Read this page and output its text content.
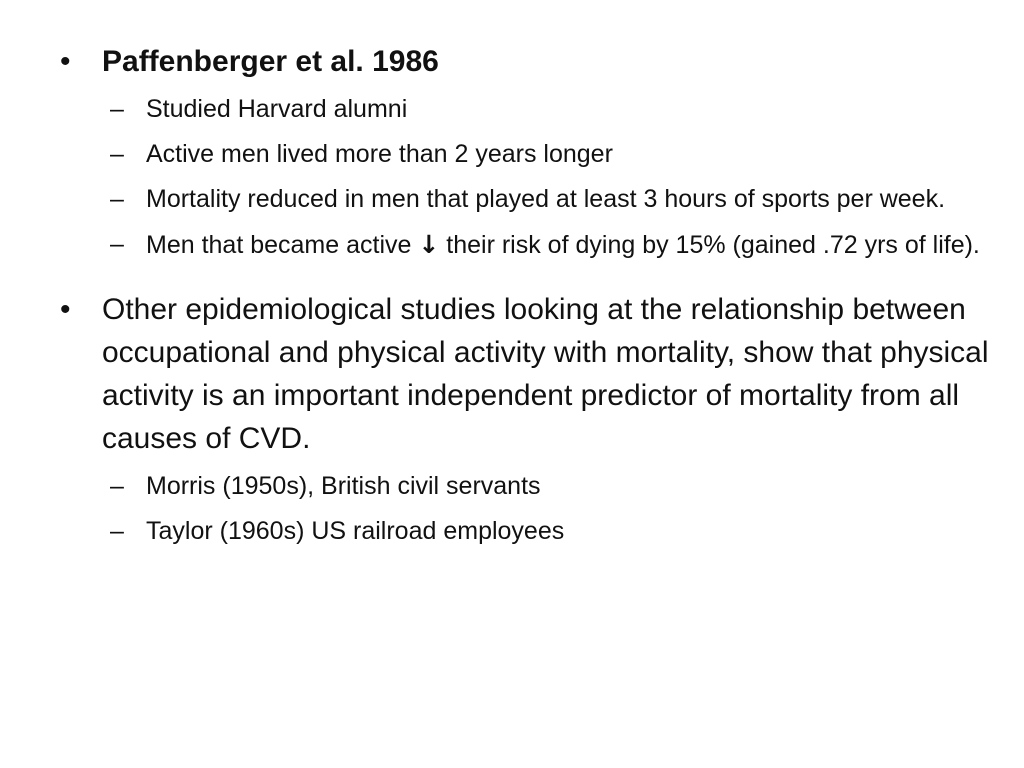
• Paffenberger et al. 1986
– Studied Harvard alumni
– Active men lived more than 2 years longer
– Mortality reduced in men that played at least 3 hours of sports per week.
– Men that became active ↓ their risk of dying by 15% (gained .72 yrs of life).
• Other epidemiological studies looking at the relationship between occupational and physical activity with mortality, show that physical activity is an important independent predictor of mortality from all causes of CVD.
– Morris (1950s), British civil servants
– Taylor (1960s) US railroad employees
